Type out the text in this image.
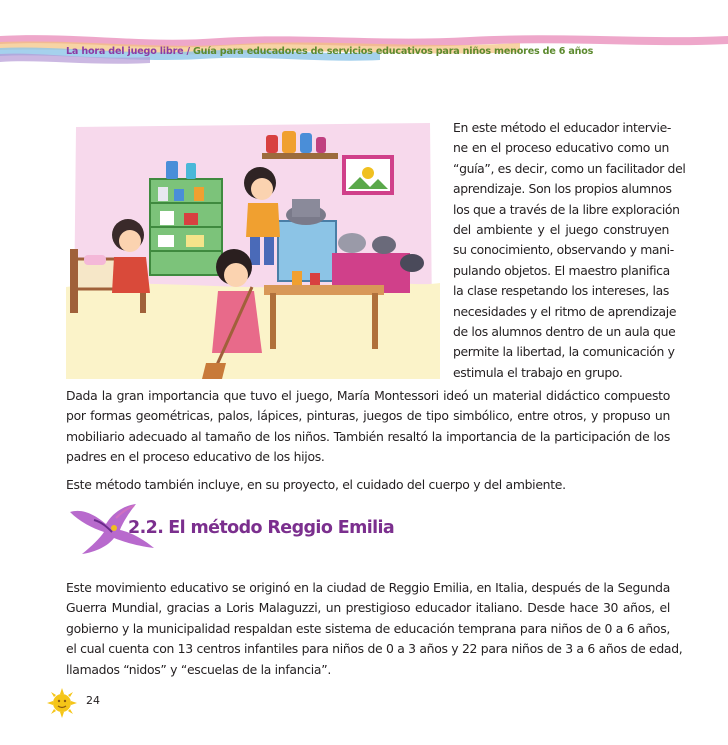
La hora del juego libre / Guía para educadores de servicios educativos para niños menores de 6 años
En este método el educador intervie-
ne en el proceso educativo como un
“guía”, es decir, como un facilitador del
aprendizaje. Son los propios alumnos
los que a través de la libre exploración
del ambiente y el juego construyen
su conocimiento, observando y mani-
pulando objetos. El maestro planifica
la clase respetando los intereses, las
necesidades y el ritmo de aprendizaje
de los alumnos dentro de un aula que
permite la libertad, la comunicación y
estimula el trabajo en grupo.
Dada la gran importancia que tuvo el juego, María Montessori ideó un material didáctico compuesto
por formas geométricas, palos, lápices, pinturas, juegos de tipo simbólico, entre otros, y propuso un
mobiliario adecuado al tamaño de los niños. También resaltó la importancia de la participación de los
padres en el proceso educativo de los hijos.
Este método también incluye, en su proyecto, el cuidado del cuerpo y del ambiente.
2.2. El método Reggio Emilia
Este movimiento educativo se originó en la ciudad de Reggio Emilia, en Italia, después de la Segunda
Guerra Mundial, gracias a Loris Malaguzzi, un prestigioso educador italiano. Desde hace 30 años, el
gobierno y la municipalidad respaldan este sistema de educación temprana para niños de 0 a 6 años,
el cual cuenta con 13 centros infantiles para niños de 0 a 3 años y 22 para niños de 3 a 6 años de edad,
llamados “nidos” y “escuelas de la infancia”.
24
